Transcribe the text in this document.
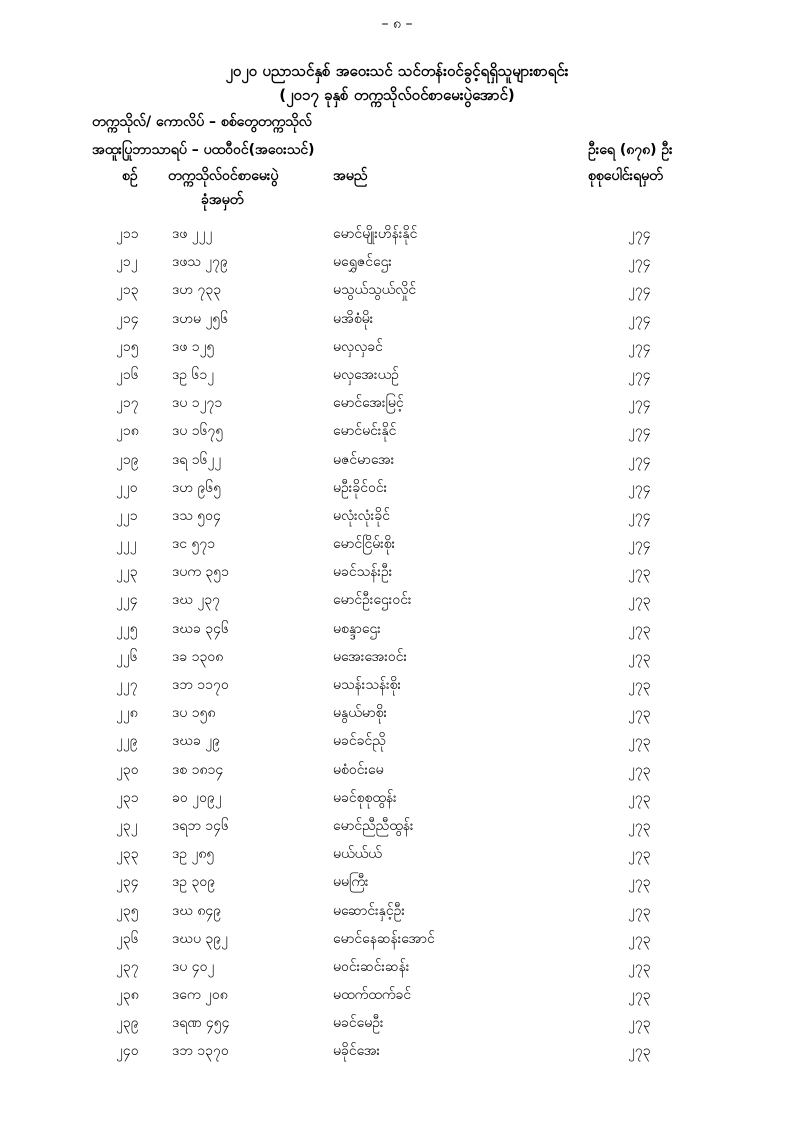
– ၈ –
၂၀၂၀ ပညာသင်နှစ် အဝေးသင် သင်တန်းဝင်ခွင့်ရရှိသူများစာရင်း
(၂၀၁၇ ခုနှစ် တက္ကသိုလ်ဝင်စာမေးပွဲအောင်)
တက္ကသိုလ်/ ကောလိပ် – စစ်တွေတက္ကသိုလ်
အထူးပြုဘာသာရပ် – ပထဝီဝင်(အဝေးသင်)	ဦးရေ (၈၇၈) ဦး
စဉ် တက္ကသိုလ်ဝင်စာမေးပွဲ
ခုံအမှတ်
အမည်	စုစုပေါင်းရမှတ်
၂၁၁ ဒဖ ၂၂၂	မောင်မျိုးဟိန်းနိုင်	၂၇၄
၂၁၂ ဒဖသ ၂၇၉	မရွှေဇင်ဌေး	၂၇၄
၂၁၃ ဒဟ ၇၃၃	မသွယ်သွယ်လှိုင်	၂၇၄
၂၁၄ ဒဟမ ၂၅၆	မအိစံမိုး	၂၇၄
၂၁၅ ဒဖ ၁၂၅	မလှလှခင်	၂၇၄
၂၁၆ ဒဥ ၆၁၂	မလှအေးယဉ်	၂၇၄
၂၁၇ ဒပ ၁၂၇၁	မောင်အေးမြင့်	၂၇၄
၂၁၈ ဒပ ၁၆၇၅	မောင်မင်းနိုင်	၂၇၄
၂၁၉ ဒရ ၁၆၂၂	မဇင်မာအေး	၂၇၄
၂၂၀ ဒဟ ၉၆၅	မဦးခိုင်ဝင်း	၂၇၄
၂၂၁ ဒသ ၅၀၄	မလုံးလုံးခိုင်	၂၇၄
၂၂၂	ဒင ၅၇၁	မောင်ငြိမ်းစိုး	၂၇၄
၂၂၃ ဒပက ၃၅၁	မခင်သန်းဦး	၂၇၃
၂၂၄ ဒဃ ၂၃၇	မောင်ဦးဌေးဝင်း	၂၇၃
၂၂၅ ဒဃခ ၃၄၆	မစန္ဒာဌေး	၂၇၃
၂၂၆ ဒခ ၁၃၀၈	မအေးအေးဝင်း	၂၇၃
၂၂၇ ဒဘ ၁၁၇၀	မသန်းသန်းစိုး	၂၇၃
၂၂၈ ဒပ ၁၅၈	မနွယ်မာစိုး	၂၇၃
၂၂၉ ဒဃခ ၂၉	မခင်ခင်ညို	၂၇၃
၂၃၀ ဒစ ၁၈၁၄	မစံဝင်းမေ	၂၇၃
၂၃၁ ခဝ ၂၀၉၂	မခင်စုစုထွန်း	၂၇၃
၂၃၂ ဒရဘ ၁၄၆	မောင်ညီညီထွန်း	၂၇၃
၂၃၃ ဒဥ ၂၈၅	မယ်ယ်ယ်	၂၇၃
၂၃၄ ဒဥ ၃၀၉	မမကြီး	၂၇၃
၂၃၅ ဒဃ ၈၄၉	မဆောင်းနှင့်ဦး	၂၇၃
၂၃၆ ဒဃပ ၃၉၂	မောင်နေဆန်းအောင်	၂၇၃
၂၃၇ ဒပ ၄၀၂	မဝင်းဆင်းဆန်း	၂၇၃
၂၃၈ ဒကေ ၂၀၈	မထက်ထက်ခင်	၂၇၃
၂၃၉ ဒရဏ ၄၅၄	မခင်မေဦး	၂၇၃
၂၄၀ ဒဘ ၁၃၇၀	မခိုင်အေး	၂၇၃
